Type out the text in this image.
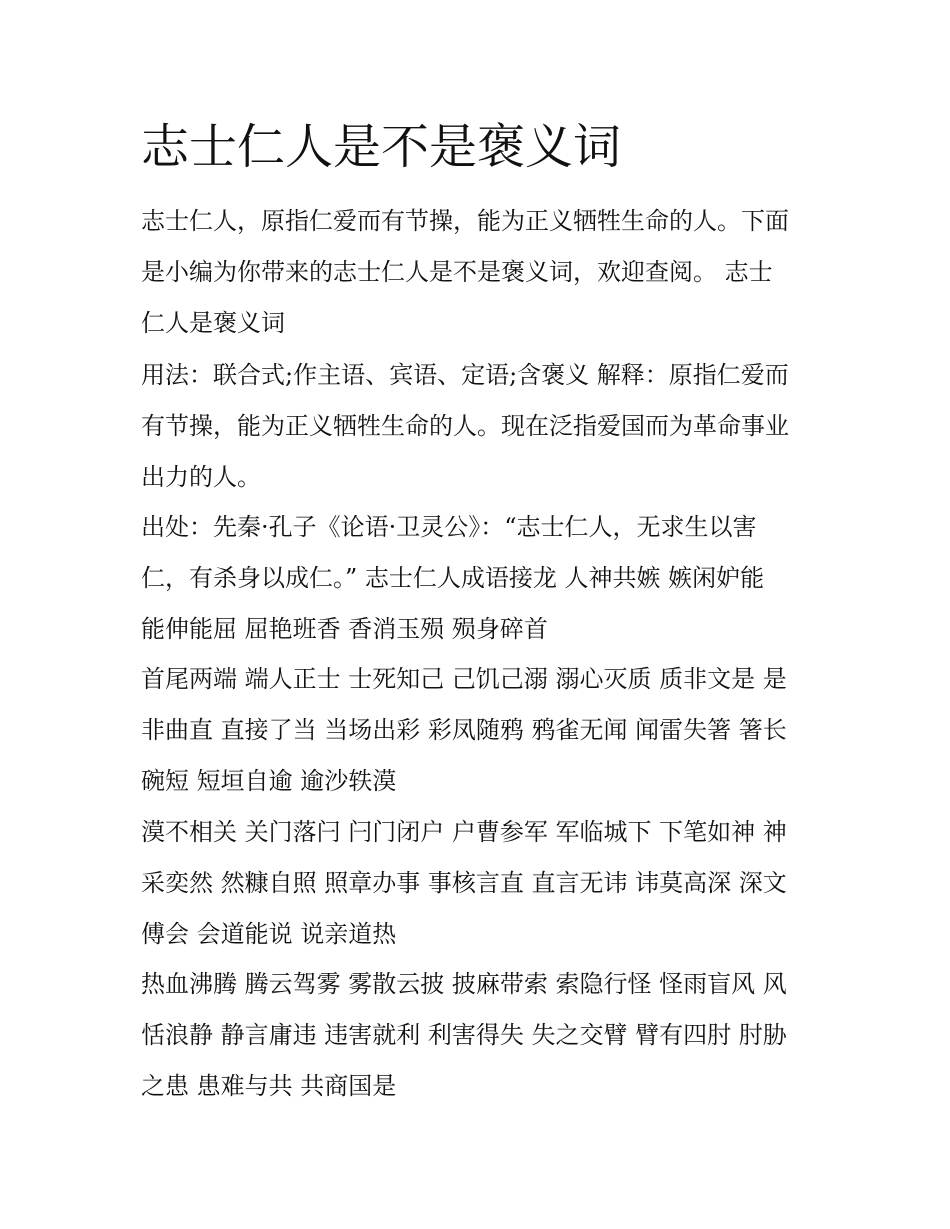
志士仁人是不是褒义词
志士仁人，原指仁爱而有节操，能为正义牺牲生命的人。下面
是小编为你带来的志士仁人是不是褒义词，欢迎查阅。 志士
仁人是褒义词
用法：联合式;作主语、宾语、定语;含褒义 解释：原指仁爱而
有节操，能为正义牺牲生命的人。现在泛指爱国而为革命事业
出力的人。
出处：先秦·孔子《论语·卫灵公》：“志士仁人，无求生以害
仁，有杀身以成仁。” 志士仁人成语接龙 人神共嫉 嫉闲妒能
能伸能屈 屈艳班香 香消玉殒 殒身碎首
首尾两端 端人正士 士死知己 己饥己溺 溺心灭质 质非文是 是
非曲直 直接了当 当场出彩 彩凤随鸦 鸦雀无闻 闻雷失箸 箸长
碗短 短垣自逾 逾沙轶漠
漠不相关 关门落闩 闩门闭户 户曹参军 军临城下 下笔如神 神
采奕然 然糠自照 照章办事 事核言直 直言无讳 讳莫高深 深文
傅会 会道能说 说亲道热
热血沸腾 腾云驾雾 雾散云披 披麻带索 索隐行怪 怪雨盲风 风
恬浪静 静言庸违 违害就利 利害得失 失之交臂 臂有四肘 肘胁
之患 患难与共 共商国是
